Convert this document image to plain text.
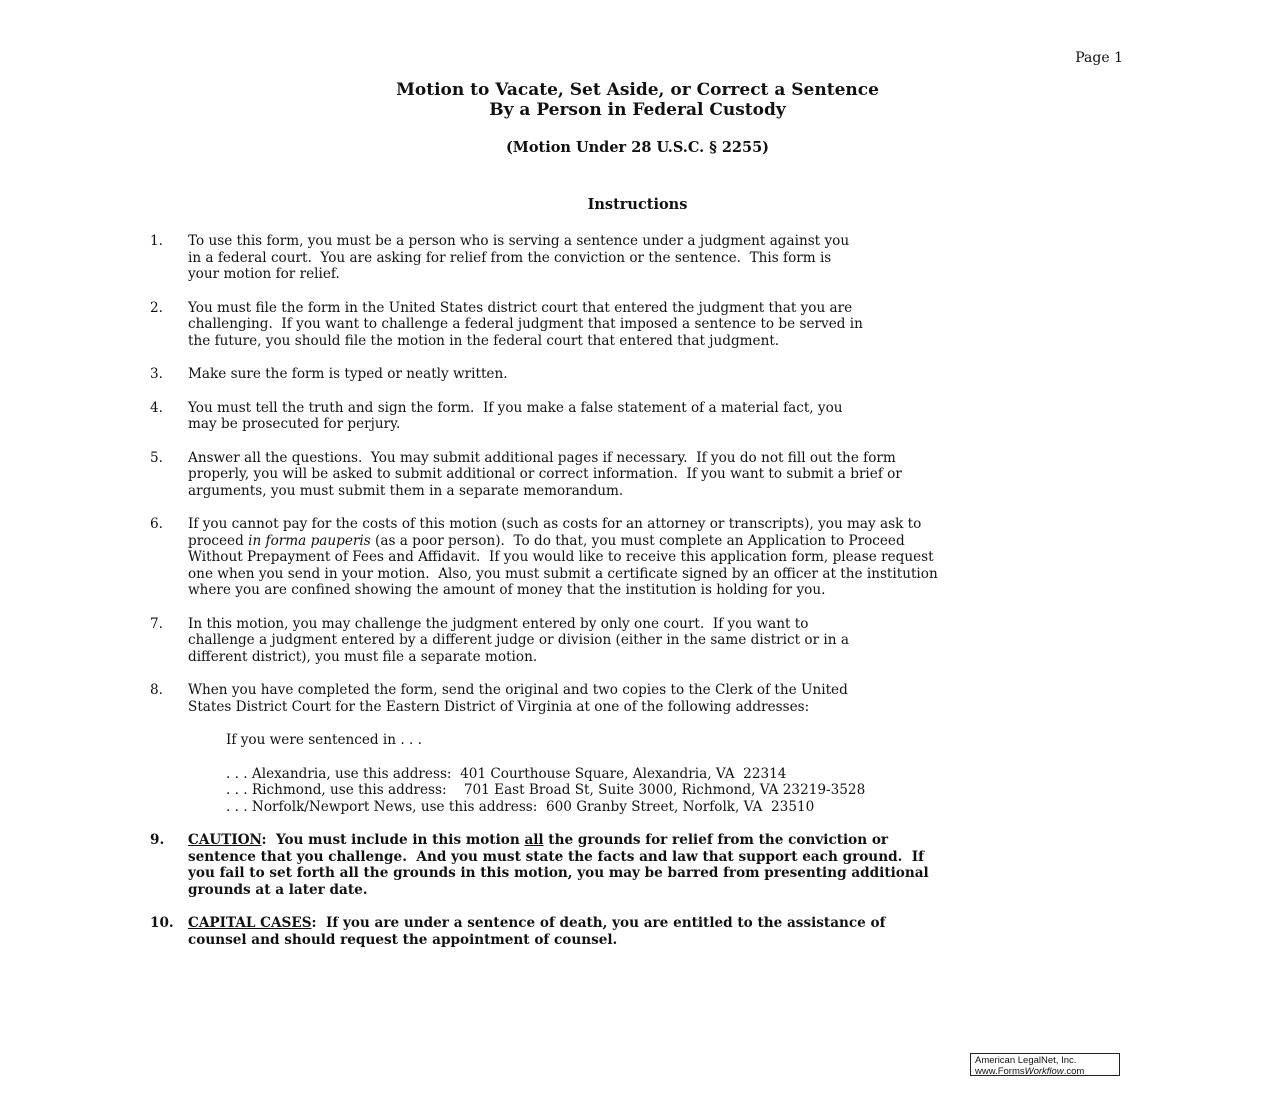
Page 1
Motion to Vacate, Set Aside, or Correct a Sentence
By a Person in Federal Custody
(Motion Under 28 U.S.C. § 2255)
Instructions
1.	To use this form, you must be a person who is serving a sentence under a judgment against you
in a federal court.  You are asking for relief from the conviction or the sentence.  This form is
your motion for relief.
2.	You must file the form in the United States district court that entered the judgment that you are
challenging.  If you want to challenge a federal judgment that imposed a sentence to be served in
the future, you should file the motion in the federal court that entered that judgment.
3.	Make sure the form is typed or neatly written.
4.	You must tell the truth and sign the form.  If you make a false statement of a material fact, you
may be prosecuted for perjury.
5.	Answer all the questions.  You may submit additional pages if necessary.  If you do not fill out the form
properly, you will be asked to submit additional or correct information.  If you want to submit a brief or
arguments, you must submit them in a separate memorandum.
6.	If you cannot pay for the costs of this motion (such as costs for an attorney or transcripts), you may ask to
proceed in forma pauperis (as a poor person).  To do that, you must complete an Application to Proceed
Without Prepayment of Fees and Affidavit.  If you would like to receive this application form, please request
one when you send in your motion.  Also, you must submit a certificate signed by an officer at the institution
where you are confined showing the amount of money that the institution is holding for you.
7.	In this motion, you may challenge the judgment entered by only one court.  If you want to
challenge a judgment entered by a different judge or division (either in the same district or in a
different district), you must file a separate motion.
8.	When you have completed the form, send the original and two copies to the Clerk of the United
States District Court for the Eastern District of Virginia at one of the following addresses:
If you were sentenced in . . .
. . . Alexandria, use this address:  401 Courthouse Square, Alexandria, VA  22314
. . . Richmond, use this address:    701 East Broad St, Suite 3000, Richmond, VA 23219-3528
. . . Norfolk/Newport News, use this address:  600 Granby Street, Norfolk, VA  23510
9.	CAUTION:  You must include in this motion all the grounds for relief from the conviction or
sentence that you challenge.  And you must state the facts and law that support each ground.  If
you fail to set forth all the grounds in this motion, you may be barred from presenting additional
grounds at a later date.
10.	CAPITAL CASES:  If you are under a sentence of death, you are entitled to the assistance of
counsel and should request the appointment of counsel.
American LegalNet, Inc.
www.FormsWorkflow.com
